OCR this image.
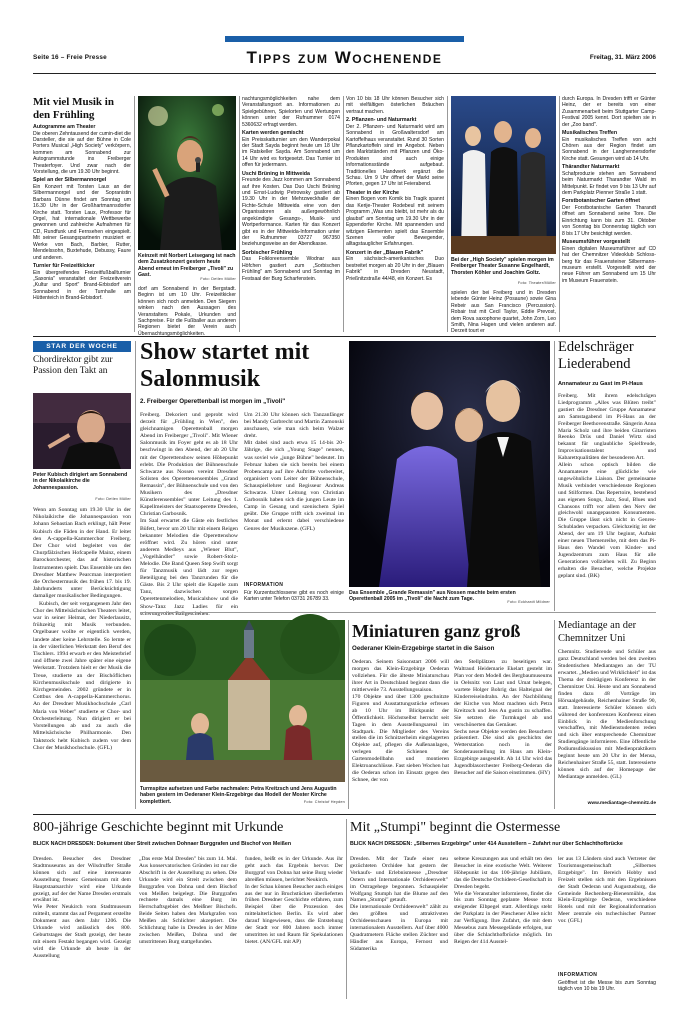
Seite 16 – Freie Presse	Tipps zum Wochenende	Freitag, 31. März 2006
Mit viel Musik in den Frühling
Autogramme am Theater
Die oberen Zehntausend der cumin-diet die Darsteller, die sie auf der Bühne in Cole Porters Musical „High Society" verkörpern, kommen am Sonnabend zur Autogrammstunde ins Freiberger Theaterfoyer. Und zwar nach der Vorstellung, die um 19.30 Uhr beginnt.
Spiel an der Silbermannorgel
Ein Konzert mit Torsten Laux an der Silbermannorgel und der Sopranistin Barbara Dünne findet am Sonntag um 16.30 Uhr in der Großhartmannsdorfer Kirche statt. Torsten Laux, Professor für Orgel, hat internationale Wettbewerbe gewonnen und zahlreiche Aufnahmen für CD, Rundfunk und Fernsehen eingespielt. Mit seiner Gesangspartnerin musiziert er Werke von Bach, Barbier, Rutter, Mendelssohn, Buxtehude, Debussy, Faure und anderen.
Turnier für Freizeitkicker
Ein übergreifendes Freizeitfußballturnier „Saxonia" veranstaltet der Freizeitverein „Kultur und Sport" Brand-Erbisdorf am Sonnabend in der Turnhalle am Hüttenteich in Brand-Erbisdorf.
Keinzeit mit Norbert Leisegang ist nach dem Zusatzkonzert gestern heute Abend erneut im Freiberger „Tivoli" zu Gast.
Foto: Detlev Müller
dorf am Sonnabend in der Bergstadt. Beginn ist um 10 Uhr. Freizeitkicker können sich noch anmelden. Den Siegern winken nach den Aussagen des Veranstalters Pokale, Urkunden und Sachpreise. Für die Fußballer aus anderen Regionen bietet der Verein auch Übernachtungsmöglichkeiten.
nachtungsmöglichkeiten nahe dem Veranstaltungsort an. Informationen zu Spielgebühren, Spielorten und Wertungen können unter der Rufnummer 0174 5360632 erfragt werden.
Karten werden gemischt
Ein Preisskatturnier um den Wanderpokal der Stadt Sayda beginnt heute um 18 Uhr im Ratskeller Sayda. Am Sonnabend um 14 Uhr wird es fortgesetzt. Das Turnier ist offen für jedermann.
Uschi Brüning in Mittweida
Freunde des Jazz kommen am Sonnabend auf ihre Kosten. Das Duo Uschi Brüning und Ernst-Ludwig Petrowsky gastiert ab 19.30 Uhr in der Mehrzweckhalle der Fichte-Schule Mittweida eine von den Organisatoren als außergewöhnlich angekündigte Gesangs-, Musik- und Wortperformance. Karten für das Konzert gibt es in der Mittweida-Information unter der Rufnummer 03727 967350 beziehungsweise an der Abendkasse.
Sorbischer Frühling
Das Folkloreensemble Wodnar aus Höfchen gastiert zum „Sorbischen Frühling" am Sonnabend und Sonntag im Festsaal der Burg Scharfenstein.
Von 10 bis 18 Uhr können Besucher sich mit vielfältigen österlichen Bräuchen vertraut machen.
2. Pflanzen- und Naturmarkt
Der 2. Pflanzen- und Naturmarkt wird am Sonnabend in Großwaltersdorf am Kartoffelhaus veranstaltet. Rund 30 Sorten Pflanzkartoffeln sind im Angebot. Neben den Marktständen mit Pflanzen und Öko-Produkten sind auch einige Informationsstände aufgebaut. Traditionelles Handwerk ergänzt die Schau. Um 9 Uhr öffnet der Markt seine Pforten, gegen 17 Uhr ist Feierabend.
Theater in der Kirche
Einen Bogen vom Komik bis Tragik spannt das Kerije-Theater Rodebeul mit seinem Programm „Was uns bleibt, ist mehr als du glaubst" am Sonntag um 19.30 Uhr in der Eppendorfer Kirche. Mit spannenden und witzigen Elementen spielt das Ensemble Szenen voller Bewegender, alltagstauglicher Erfahrungen.
Konzert in der „Blauen Fabrik"
Ein sächsisch-amerikanisches Duo bestreitet morgen ab 20 Uhr in der „Blauen Fabrik" in Dresden Neustadt, Prießnitzstraße 44/48, ein Konzert. Es
Bei der „High Society" spielen morgen im Freiberger Theater Susanne Engelhardt, Thorsten Köhler und Joachim Goltz.
Foto: Theater/Müller
spielen der bei Freiberg und in Dresden lebende Günter Heinz (Posaune) sowie Gina Rebeir aus San Francisco (Percussion). Robair trat mit Cecil Taylor, Eddie Prevost, dem Rova saxophone quartet, John Zorn, Leo Smith, Nina Hagen und vielen anderen auf. Derzeit tourt er
durch Europa. In Dresden trifft er Günter Heinz, der er bereits von einer Zusammenarbeit beim Stuttgarter Camp-Festival 2005 kennt. Dort spielten sie in der „Zoo band".
Musikalisches Treffen
Ein musikalisches Treffen von acht Chören aus der Region findet am Sonnabend in der Langhennersdorfer Kirche statt. Gesungen wird ab 14 Uhr.
Thärandter Naturmarkt
Schafproduzie stehen am Sonnabend beim Naturmarkt Tharandter Wald im Mittelpunkt. Er findet von 9 bis 13 Uhr auf dem Parkplatz Pienner Straße 1 statt.
Forstbotanischer Garten öffnet
Der Forstbotanische Garten Tharandt öffnet am Sonnabend seine Tore. Die Einrichtung kann bis zum 31. Oktober von Sonntag bis Donnerstag täglich von 8 bis 17 Uhr besichtigt werden.
Museumsführer vorgestellt
Einen digitalen Museumsführer auf CD hat der Chemnitzer Videoklub Schloss-berg für das Frauensteiner Silbermann-museum erstellt. Vorgestellt wird der neue Führer am Sonnabend um 15 Uhr im Museum Frauenstein.
STAR DER WOCHE
Chordirektor gibt zur Passion den Takt an
Peter Kubisch dirigiert am Sonnabend in der Nikolaikirche die Johannespassion.
Foto: Detlev Müller

Wenn am Sonntag um 19.30 Uhr in der Nikolaikirche die Johannespassion von Johann Sebastian Bach erklingt, hält Peter Kubisch die Fäden in der Hand. Er leitet den A-cappella-Kammerchor Freiberg. Der Chor wird begleitet von der Churpfälzischen Hofcapelle Mainz, einem Barockorchester, das auf historischen Instrumenten spielt. Das Ensemble um den Dresdner Matthew Pearcman interpretiert die Orchestermusik des frühen 17. bis 19. Jahrhunderts unter Berücksichtigung damaliger musikalischer Bedingungen.

Kubisch, der seit vergangenem Jahr den Chor des Mittelsächsischen Theaters leitet, war in seiner Heimat, der Niederlausitz, frühzeitig mit Musik verbunden. Orgelbauer wollte er eigentlich werden, landete aber keine Lehrstelle. So lernte er in der väterlichen Werkstatt den Beruf des Tischlers. 1994 erwarb er den Meisterbrief und öffnete zwei Jahre später eine eigene Werkstatt. Trotzdem hielt er der Musik die Treue, studierte an der Bischöflichen Kirchenmusikschule und dirigierte in Kirchgemeinden. 2002 gründete er in Cottbus den A-cappella-Kammerchorus. An der Dresdner Musikhochschule „Carl Maria von Weber" studierte er Chor- und Orchesterleitung. Nun dirigiert er bei Vorstellungen ab und zu auch die Mittelsächsische Philharmonie. Den Taktstock hebt Kubisch zudem vor dem Chor der Musikhochschule. (GFL)

Show startet mit Salonmusik
2. Freiberger Operettenball ist morgen im „Tivoli"
Freiberg. Dekoriert und geprobt wird derzeit für „Frühling in Wien", den gleichnamigen Operettenball morgen Abend im Freiberger „Tivoli". Mit Wiener Salonmusik im Foyer geht es ab 18 Uhr beschwingt in den Abend, der ab 20 Uhr mit der Operettenshow seinen Höhepunkt erlebt. Die Produktion der Bühnenschule Schwarze aus Nossen vereint Dresdner Solisten des Operettenensembles „Grand Remassin", der Bühnenschule und von den Musikern des „Dresdner Künstlerensembles" unter Leitung des 1. Kapellmeisters der Staatsoperette Dresden, Christian Garbosnik.
Im Saal erwartet die Gäste ein festliches Büfett, bevor um 20 Uhr mit einem Reigen bekannter Melodien die Operettenshow eröffnet wird. Zu hören sind unter anderem Medleys aus „Wiener Blut", „Vogelhändler" sowie Robert-Stolz-Melodie. Die Band Queen Step Swift sorgt für Tanzmusik und lädt zur regen Beteiligung bei den Tanzrunden für die Gäste. Bis 2 Uhr spielt die Kapelle zum Tanz, dazwischen sorgen Operettenmelodien, Musicalshow und die Show-Tanz Jazz Ladies für ein schwungvolles Ballgeschehen.
Um 21.30 Uhr können sich Tanzanfänger bei Mandy Garbrecht und Martin Zamonski anschauen, wie man sich beim Walzer dreht.
Mit dabei sind auch etwa 15 14-bis 20-Jährige, die sich „Young Stage" nennen, was soviel wie „junge Bühne" bedeutet. Im Februar haben sie sich bereits bei einem Probencamp auf ihre Auftritte vorbereitet, organisiert vom Leiter der Bühnenschule, Schauspiellehrer und Regisseur Andreas Schwarze. Unter Leitung von Christian Garbosnik haben sich die jungen Leute im Camp in Gesang und szenischem Spiel geübt. Die Gruppe trifft sich zweimal im Monat und erlernt dabei verschiedene Genres der Musikszene. (GFL)
INFORMATION
Für Kurzentschlossene gibt es noch einige Karten unter Telefon 03731 26789 33.
Das Ensemble „Grande Remassin" aus Nossen machte beim ersten Operettenball 2005 im „Tivoli" die Nacht zum Tage.	Foto: Eckhardt Mildner
Edelschräger Liederabend
Annamateur zu Gast im Pi-Haus
Freiberg. Mit ihrem edelschrägen Liedprogramm „Alles was Blüten treibt" gastiert die Dresdner Gruppe Annamateur am Samstagabend im Pi-Haus an der Freiberger Beethovenstraße. Sängerin Anna Maria Scholz und ihre beiden Gitarristen Reenko Drüs und Daniel Wirtz sind bekannt für unglaubliche Spielfreude, Improvisationstalent und Kabarettqualitäten der besonderen Art.
Allein schon optisch bilden die Annamateure eine glückliche wie ungewöhnliche Liaison. Der gemeinsame Musik verbindet verschiedenste Regionen und Stilformen. Das Repertoire, bestehend aus eigenen Songs, Jazz, Soul, Blues und Chansons trifft vor allem den Nerv der gleichwohl unangepassten Konsumenten. Die Gruppe lässt sich nicht in Genres-Schubladen verpacken. Gleichzeitig ist der Abend, der um 19 Uhr beginnt, Auftakt einer neuen Themenreihe, mit dem das Pi-Haus den Wandel vom Kinder- und Jugendzentrum zum Haus für alle Generationen vollziehen will. Zu Beginn erhalten die Besucher, welche Projekte geplant sind. (BK)
Turmspitze aufsetzen und Farbe nachmalen: Petra Kreitzsch und Jens Augustin haben gestern im Oederaner Klein-Erzgebirge das Modell der Moster Kirche komplettiert.	Foto: Christof Heyden
Miniaturen ganz groß
Oederaner Klein-Erzgebirge startet in die Saison
Oederan. Seinem Saisonstart 2006 will morgen das Klein-Erzgebirge Oederan vollziehen. Für die älteste Miniaturschau ihrer Art in Deutschland beginnt dann die mittlerweile 73. Ausstellungssaison.
170 Objekte und über 1300 geschnitzte Figuren und Ausstattungsstücke erfreuen ab 10 Uhr im Blickpunkt der Öffentlichkeit. Höchstselbst herrscht seit Tagen in dem Ausstellungsareal im Stadtpark. Die Mitglieder des Vereins stellen die im Schnitzerheim eingelagerten Objekte auf, pflegen die Außenanlagen, verlegen die Schienen der Gartenmodellbahn und montieren Elektroanschlüsse. Fast sieben Wochen hat die Oederan schon im Einsatz gegen den Schnee, der von
den Stellplätzen zu beseitigen war. Waltraud Heidemarie Ekelart gesteht im Plan vor dem Modell des Bergbaumuseums in Oelsnitz von Laut und Umat belegen, wartete Holger Bohrig das Halteignal der Kinderreiseindrahn. An der Nachbildung der Kirche von Most machten sich Petra Kreitzsch und Jens Au gustin zu schaffen. Sie setzten die Turmkugel ab und verschönerten das Gemäuer.
Sechs neue Objekte werden den Besuchern präsentiert. Die sind als geschichts der Wetterstation noch in der Sonderausstellung im Haus am Klein-Erzgebirge ausgestellt. Ab 14 Uhr wird das Jugendblasorchester Freiberg-Oederan die Besucher auf die Saison einstimmen. (HY)
Mediantage an der Chemnitzer Uni
Chemnitz. Studierende und Schüler aus ganz Deutschland werden bei den zweiten Studentischen Mediantagen an der TU erwartet. „Medien und Wirklichkeit" ist das Thema der dreitägigen Konferenz in der Chemnitzer Uni. Heute und am Sonnabend finden dazu 48 Vorträge im Hörsaalgebäude, Reichenhainer Straße 90, statt. Interessierte Schüler können sich während der konferenzen Konferenz einen Einblick in die Medienforschung verschaffen, mit Medienstudenten reden und sich über entsprechende Chemnitzer Studiengänge informieren. Eine öffentliche Podiumsdiskussion mit Medienpraktikern beginnt heute um 20 Uhr in der Mensa, Reichenhainer Straße 55, statt. Interessierte können sich auf der Homepage der Mediantage anmelden. (GL)
www.mediantage-chemnitz.de
800-jährige Geschichte beginnt mit Urkunde
BLICK NACH DRESDEN: Dokument über Streit zwischen Dohnaer Burggrafen und Bischof von Meißen
Dresden. Besucher des Dresdner Stadtmuseums an der Wilsdruffer Straße können sich auf eine interessante Ausstellung freuen: Gemeinsam mit dem Hauptstaatsarchiv wird eine Urkunde gezeigt, auf der der Name Dresden erstmals erwähnt ist.
Wie Peter Neukirch vom Stadtmuseum mitteilt, stammt das auf Pergament erstellte Dokument aus dem Jahr 1206. Die Urkunde wird anlässlich des 800. Geburtstages der Stadt gezeigt, der heute mit einem Festakt begangen wird. Gezeigt wird die Urkunde ab heute in der Ausstellung
„Das erste Mal Dresden" bis zum 14. Mai. Aus konservatorischen Gründen ist nur die Abschrift in der Ausstellung zu sehen. Die Urkunde wird ein Streit zwischen dem Burggrafen von Dohna und dem Bischof von Meißen beigelegt. Die Burggrafen rechnete damals eine Burg im Herrschaftsgebiet des Meißner Bischofs. Beide Seiten haben den Markgrafen von Meißen als Schlichter akzeptiert. Die Schlichtung habe in Dresden in der Mitte zwischen Meißen, Dohna und der umstrittenen Burg stattgefunden.
funden, heißt es in der Urkunde. Aus ihr geht auch das Ergebnis hervor. Der Burggraf von Dohna hat seine Burg wieder abreißen müssen, berichtet Neukirch.
In der Schau können Besucher auch einiges aus der nur in Bruchstücken überlieferten frühen Dresdner Geschichte erfahren, zum Beispiel über die Prozession des mittelalterlichen Berlin. Es wird aber darauf hingewiesen, dass die Entstehung der Stadt vor 800 Jahren noch immer umstritten ist und Raum für Spekulationen bietet. (AN/GFL mit AP)
Mit „Stumpi" beginnt die Ostermesse
BLICK NACH DRESDEN: „Silbernes Erzgebirge" unter 414 Ausstellern – Zufahrt nur über Schlachthofbrücke
Dresden. Mit der Taufe einer neu gezüchteten Orchidee hat gestern der Verkaufs- und Erlebnismesse „Dresdner Ostern und Internationale Orchideenwelt" im Ostragehege begonnen. Schauspieler Wolfgang Stumph hat die Blume auf den Namen „Stumpi" getauft.
Die internationale Orchideenwelt" zählt zu den größten und attraktivsten Orchideenschauen in Europa mit internationalem Ausstellern. Auf über 4000 Quadratmetern Fläche stellen Züchter und Händler aus Europa, Fernost und Südamerika
seltene Kreuzungen aus und erhält ten den Besucher in eine exotische Welt. Weiterer Höhepunkt ist das 100-jährige Jubiläum, das die Deutsche Orchideen-Gesellschaft in Dresden begeht.
Wie die Veranstalter informieren, findet die bis zum Sonntag geplante Messe trotz steigender Elbpegel statt. Allerdings steht der Parkplatz in der Pieschener Allee nicht zur Verfügung. Ihre Zufahrt, die mit dem Messebus zum Messegelände erfolgen, nur über die Schlachthofbrücke möglich. Im Reigen der 414 Ausstel-
ler aus 13 Ländern sind auch Vertreter der Tourismusgemeinschaft „Silbernes Erzgebirge". Im Bereich Hobby und Freizeit stellen sich mit den Ergebnissen der Stadt Oederan und Augustusburg, die Gemeinde Rechenberg-Bienenmühle, das Klein-Erzgebirge Oederan, verschiedene Hotels und mit der Regionalinformation Meer zentrale ein tschechischer Partner vor. (GFL)
INFORMATION
Geöffnet ist die Messe bis zum Sonntag täglich von 10 bis 19 Uhr.
